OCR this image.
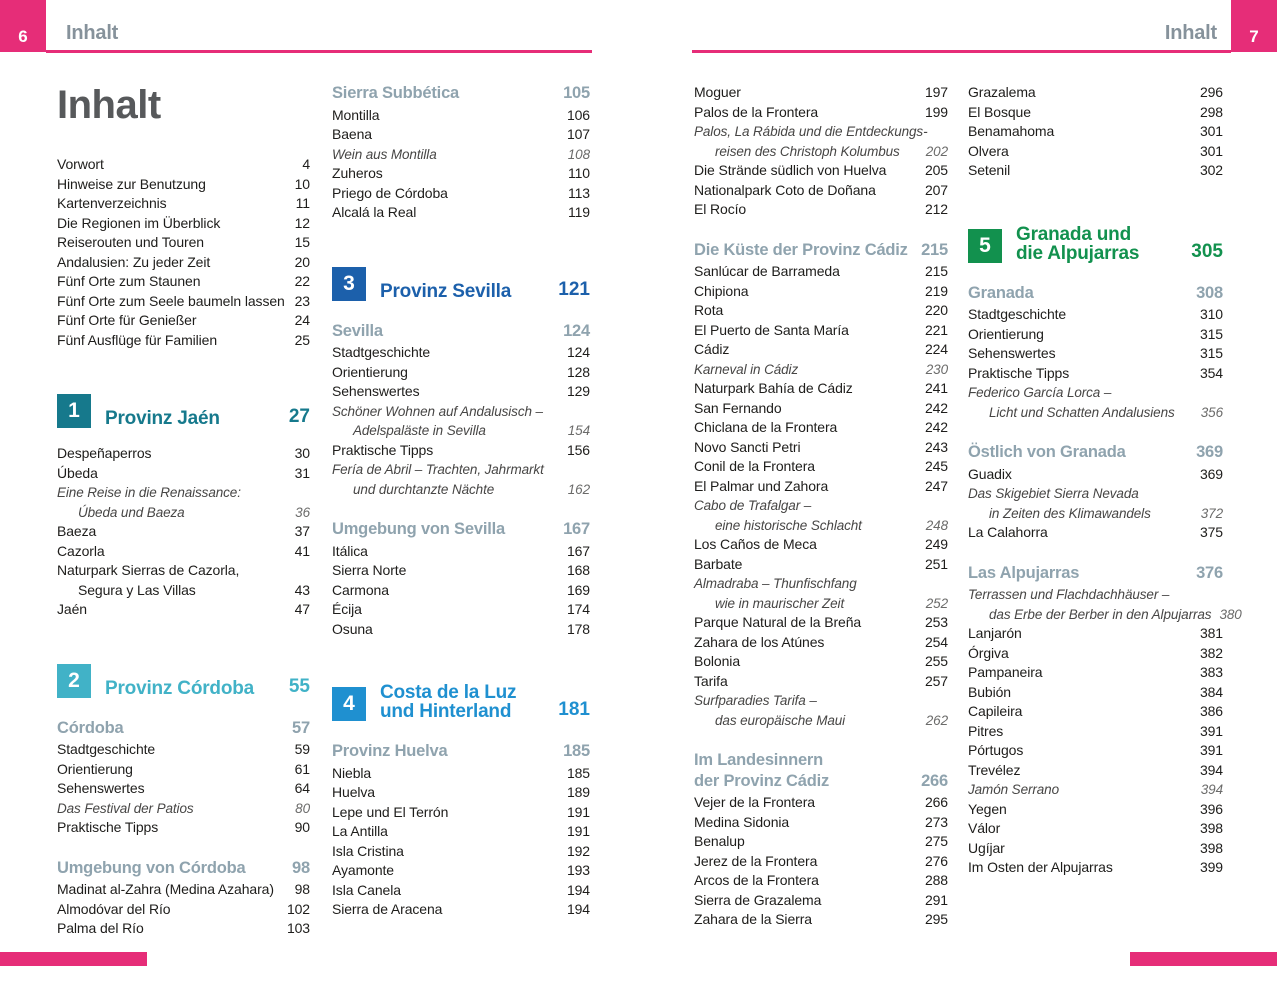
6	7
Inhalt	Inhalt
Inhalt
Vorwort	4
Hinweise zur Benutzung	10
Kartenverzeichnis	11
Die Regionen im Überblick	12
Reiserouten und Touren	15
Andalusien: Zu jeder Zeit	20
Fünf Orte zum Staunen	22
Fünf Orte zum Seele baumeln lassen 23
Fünf Orte für Genießer	24
Fünf Ausflüge für Familien	25
1	Provinz Jaén	27
Despeñaperros	30
Úbeda	31
Eine Reise in die Renaissance:
Úbeda und Baeza	36
Baeza	37
Cazorla	41
Naturpark Sierras de Cazorla,
Segura y Las Villas	43
Jaén	47
2	Provinz Córdoba	55
Córdoba	57
Stadtgeschichte	59
Orientierung	61
Sehenswertes	64
Das Festival der Patios	80
Praktische Tipps	90
Umgebung von Córdoba	98
Madinat al-Zahra (Medina Azahara) 98
Almodóvar del Río	102
Palma del Río	103
Sierra Subbética	105
Montilla	106
Baena	107
Wein aus Montilla	108
Zuheros	110
Priego de Córdoba	113
Alcalá la Real	119
3	Provinz Sevilla	121
Sevilla	124
Stadtgeschichte	124
Orientierung	128
Sehenswertes	129
Schöner Wohnen auf Andalusisch –
Adelspaläste in Sevilla	154
Praktische Tipps	156
Fería de Abril – Trachten, Jahrmarkt
und durchtanzte Nächte	162
Umgebung von Sevilla	167
Itálica	167
Sierra Norte	168
Carmona	169
Écija	174
Osuna	178
4	Costa de la Luz
und Hinterland	181
Provinz Huelva	185
Niebla	185
Huelva	189
Lepe und El Terrón	191
La Antilla	191
Isla Cristina	192
Ayamonte	193
Isla Canela	194
Sierra de Aracena	194
Moguer	197
Palos de la Frontera	199
Palos, La Rábida und die Entdeckungs-
reisen des Christoph Kolumbus 202
Die Strände südlich von Huelva	205
Nationalpark Coto de Doñana	207
El Rocío	212
Die Küste der Provinz Cádiz 215
Sanlúcar de Barrameda	215
Chipiona	219
Rota	220
El Puerto de Santa María	221
Cádiz	224
Karneval in Cádiz	230
Naturpark Bahía de Cádiz	241
San Fernando	242
Chiclana de la Frontera	242
Novo Sancti Petri	243
Conil de la Frontera	245
El Palmar und Zahora	247
Cabo de Trafalgar –
eine historische Schlacht	248
Los Caños de Meca	249
Barbate	251
Almadraba – Thunfischfang
wie in maurischer Zeit	252
Parque Natural de la Breña	253
Zahara de los Atúnes	254
Bolonia	255
Tarifa	257
Surfparadies Tarifa –
das europäische Maui	262
Im Landesinnern
der Provinz Cádiz	266
Vejer de la Frontera	266
Medina Sidonia	273
Benalup	275
Jerez de la Frontera	276
Arcos de la Frontera	288
Sierra de Grazalema	291
Zahara de la Sierra	295
Grazalema	296
El Bosque	298
Benamahoma	301
Olvera	301
Setenil	302
5	Granada und
die Alpujarras	305
Granada	308
Stadtgeschichte	310
Orientierung	315
Sehenswertes	315
Praktische Tipps	354
Federico García Lorca –
Licht und Schatten Andalusiens 356
Östlich von Granada	369
Guadix	369
Das Skigebiet Sierra Nevada
in Zeiten des Klimawandels	372
La Calahorra	375
Las Alpujarras	376
Terrassen und Flachdachhäuser –
das Erbe der Berber in den Alpujarras 380
Lanjarón	381
Órgiva	382
Pampaneira	383
Bubión	384
Capileira	386
Pitres	391
Pórtugos	391
Trevélez	394
Jamón Serrano	394
Yegen	396
Válor	398
Ugíjar	398
Im Osten der Alpujarras	399
